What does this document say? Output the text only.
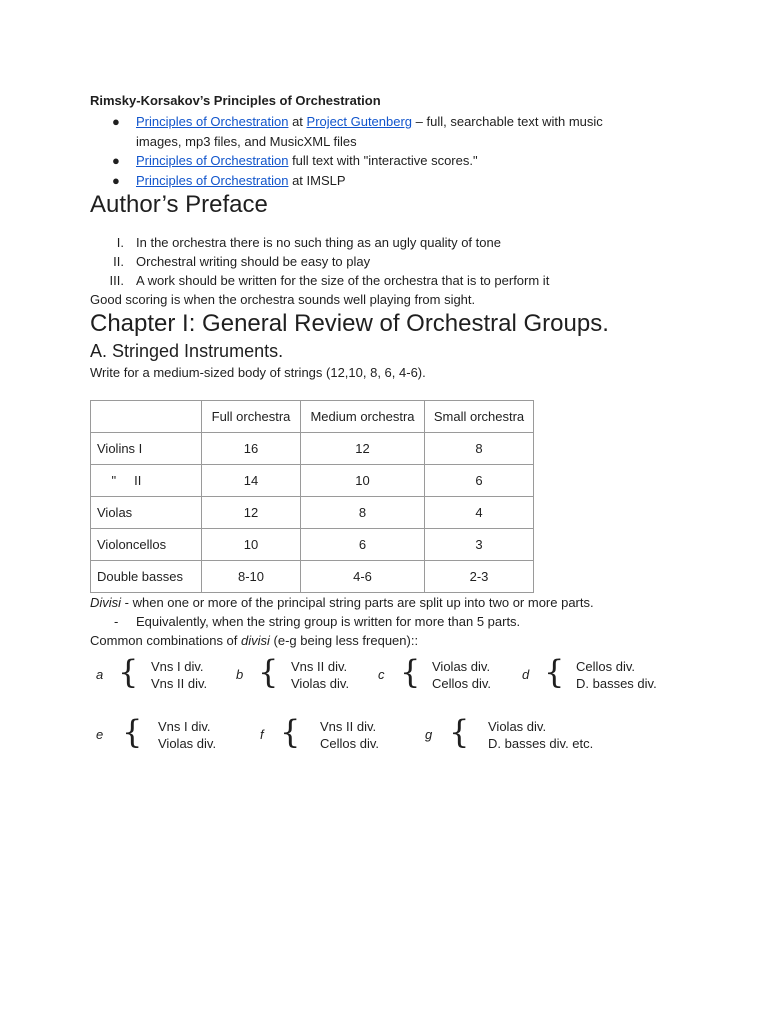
Rimsky-Korsakov’s Principles of Orchestration

● Principles of Orchestration at Project Gutenberg – full, searchable text with music
images, mp3 files, and MusicXML files
● Principles of Orchestration full text with "interactive scores."
● Principles of Orchestration at IMSLP
Author’s Preface
I. In the orchestra there is no such thing as an ugly quality of tone
II. Orchestral writing should be easy to play
III. A work should be written for the size of the orchestra that is to perform it

Good scoring is when the orchestra sounds well playing from sight.

Chapter I: General Review of Orchestral Groups.
A. Stringed Instruments.

Write for a medium-sized body of strings (12,10, 8, 6, 4-6).

	Full orchestra	Medium orchestra	Small orchestra
Violins I	16	12	8
"     II	14	10	6
Violas	12	8	4
Violoncellos	10	6	3
Double basses	8-10	4-6	2-3

Divisi - when one or more of the principal string parts are split up into two or more parts.

- Equivalently, when the string group is written for more than 5 parts.

Common combinations of divisi (e-g being less frequen)::

a { Vns I div.
Vns II div.
b { Vns II div.
Violas div.
c { Violas div.
Cellos div.
d { Cellos div.
D. basses div.
e { Vns I div.
Violas div.
f { Vns II div.
Cellos div.
g { Violas div.
D. basses div. etc.
